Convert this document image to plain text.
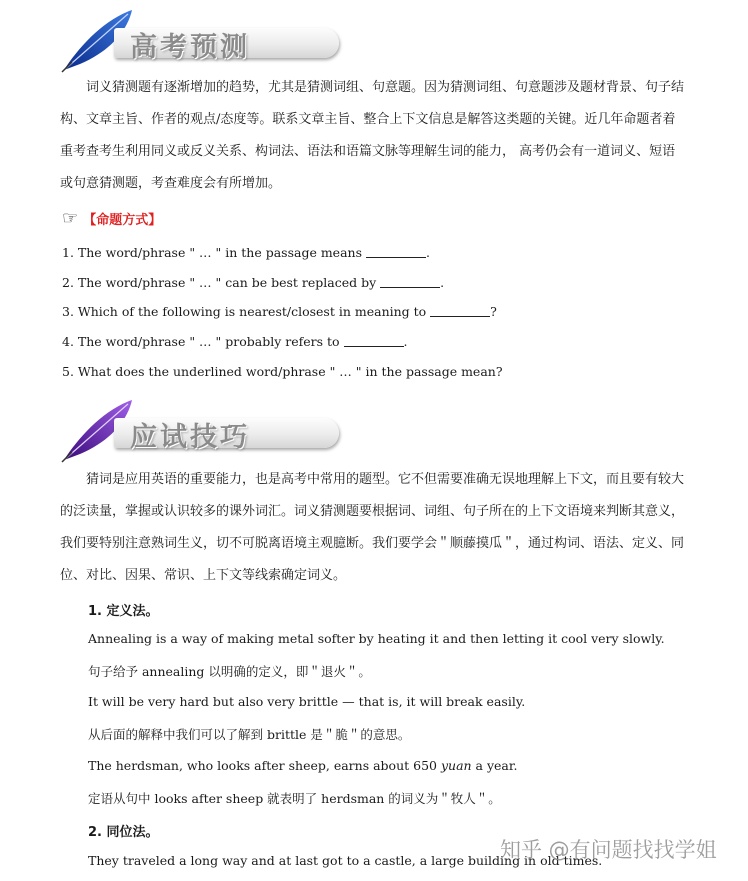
高考预测

词义猜测题有逐渐增加的趋势，尤其是猜测词组、句意题。因为猜测词组、句意题涉及题材背景、句子结构、文章主旨、作者的观点/态度等。联系文章主旨、整合上下文信息是解答这类题的关键。近几年命题者着重考查考生利用同义或反义关系、构词法、语法和语篇文脉等理解生词的能力， 高考仍会有一道词义、短语或句意猜测题，考查难度会有所增加。

☞ 【命题方式】
1. The word/phrase " … " in the passage means	.
2. The word/phrase " … " can be best replaced by	.
3. Which of the following is nearest/closest in meaning to	?
4. The word/phrase " … " probably refers to	.
5. What does the underlined word/phrase " … " in the passage mean?
应试技巧

猜词是应用英语的重要能力，也是高考中常用的题型。它不但需要准确无误地理解上下文，而且要有较大的泛读量，掌握或认识较多的课外词汇。词义猜测题要根据词、词组、句子所在的上下文语境来判断其意义，我们要特别注意熟词生义，切不可脱离语境主观臆断。我们要学会＂顺藤摸瓜＂，通过构词、语法、定义、同位、对比、因果、常识、上下文等线索确定词义。

1. 定义法。
Annealing is a way of making metal softer by heating it and then letting it cool very slowly.
句子给予 annealing 以明确的定义，即＂退火＂。
It will be very hard but also very brittle — that is, it will break easily.
从后面的解释中我们可以了解到 brittle 是＂脆＂的意思。
The herdsman, who looks after sheep, earns about 650 yuan a year.
定语从句中 looks after sheep 就表明了 herdsman 的词义为＂牧人＂。
2. 同位法。
They traveled a long way and at last got to a castle, a large building in old times.
知乎 @有问题找找学姐
